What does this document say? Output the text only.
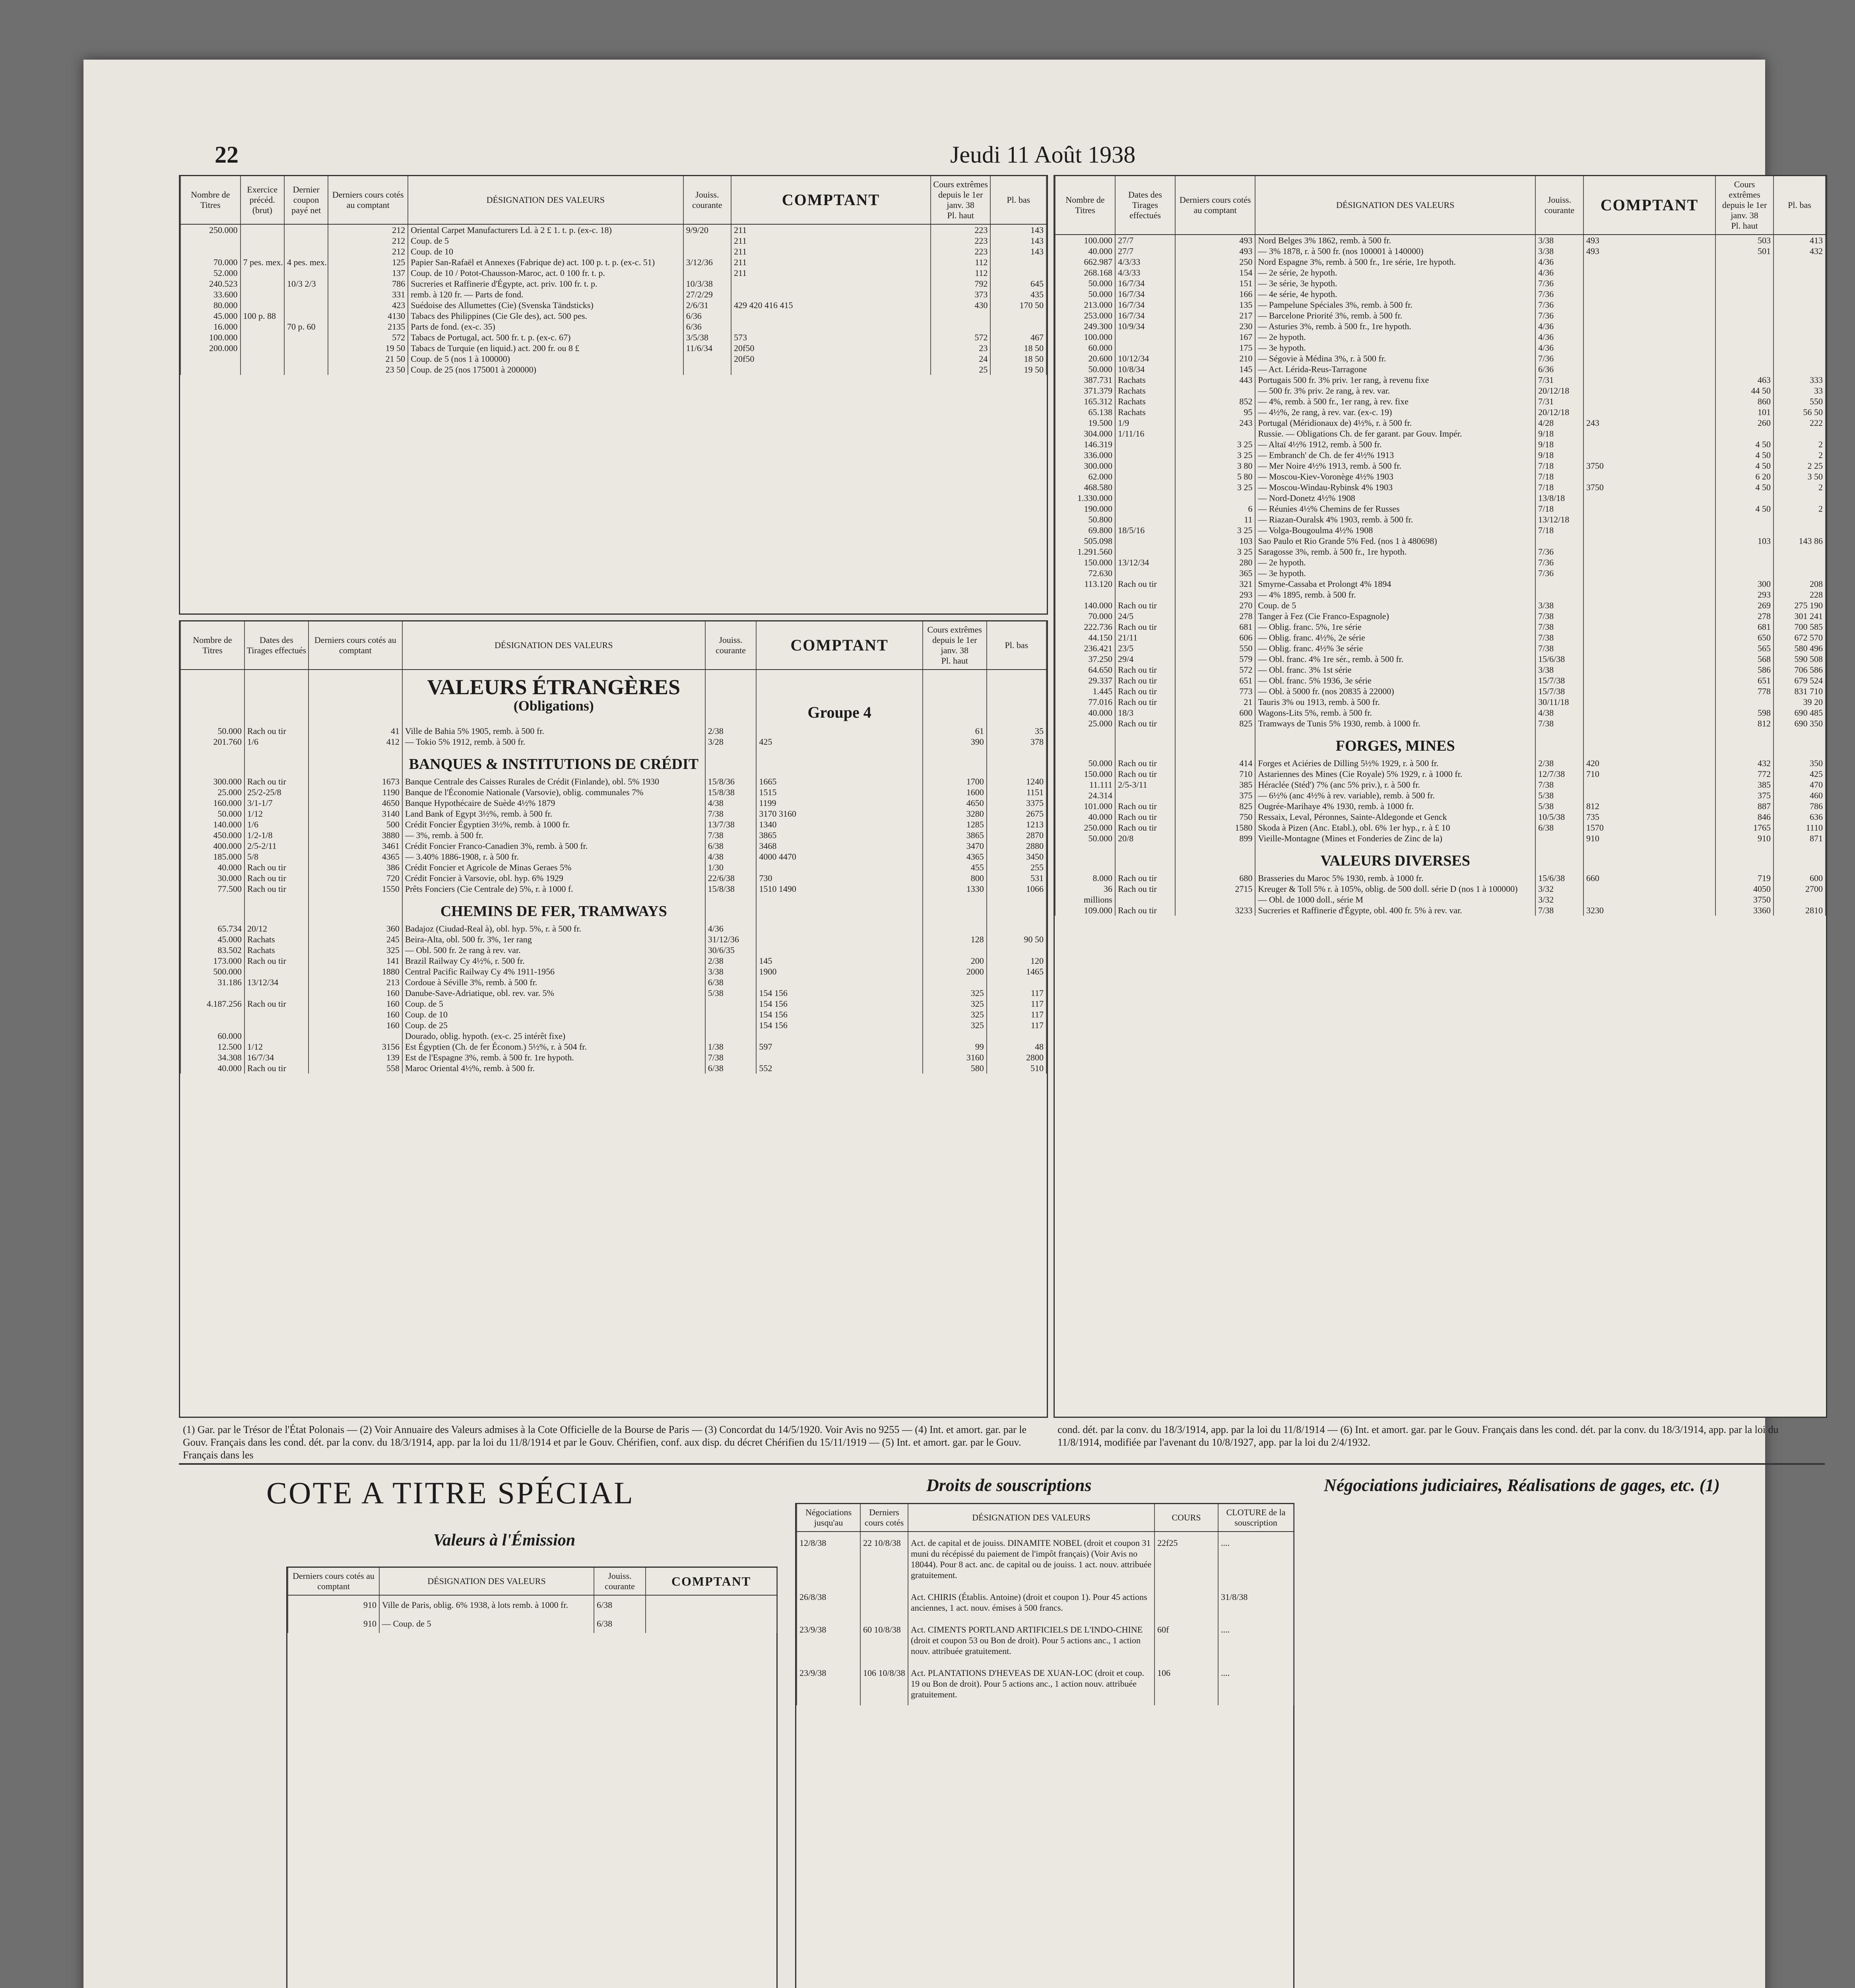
22	Jeudi 11 Août 1938
Nombre de Titres	Exercice précéd. (brut)	Dernier coupon payé net	Derniers cours cotés au comptant	DÉSIGNATION DES VALEURS	Jouiss. courante	COMPTANT	Cours extrêmes depuis le 1er janv. 38
Pl. haut	Pl. bas
250.000			212	Oriental Carpet Manufacturers Ld. à 2 £ 1. t. p. (ex-c. 18)	9/9/20	211	223	143
			212	Coup. de 5		211	223	143
			212	Coup. de 10		211	223	143
70.000	7 pes. mex.	4 pes. mex.	125	Papier San-Rafaël et Annexes (Fabrique de) act. 100 p. t. p. (ex-c. 51)	3/12/36	211	112	
52.000			137	Coup. de 10 / Potot-Chausson-Maroc, act. 0 100 fr. t. p.		211	112	
240.523		10/3 2/3	786	Sucreries et Raffinerie d'Égypte, act. priv. 100 fr. t. p.	10/3/38		792	645
33.600			331	remb. à 120 fr. — Parts de fond.	27/2/29		373	435
80.000			423	Suédoise des Allumettes (Cie) (Svenska Tändsticks)	2/6/31	429 420 416 415	430	170 50
45.000	100 p. 88		4130	Tabacs des Philippines (Cie Gle des), act. 500 pes.	6/36			
16.000		70 p. 60	2135	Parts de fond. (ex-c. 35)	6/36			
100.000			572	Tabacs de Portugal, act. 500 fr. t. p. (ex-c. 67)	3/5/38	573	572	467
200.000			19 50	Tabacs de Turquie (en liquid.) act. 200 fr. ou 8 £	11/6/34	20f50	23	18 50
			21 50	Coup. de 5 (nos 1 à 100000)		20f50	24	18 50
			23 50	Coup. de 25 (nos 175001 à 200000)			25	19 50
Nombre de Titres	Dates des Tirages effectués	Derniers cours cotés au comptant	DÉSIGNATION DES VALEURS	Jouiss. courante	COMPTANT	Cours extrêmes depuis le 1er janv. 38
Pl. haut	Pl. bas
			VALEURS ÉTRANGÈRES				
			(Obligations)		Groupe 4		
50.000	Rach ou tir	41	Ville de Bahia 5% 1905, remb. à 500 fr.	2/38		61	35
201.760	1/6	412	— Tokio 5% 1912, remb. à 500 fr.	3/28	425	390	378
			BANQUES & INSTITUTIONS DE CRÉDIT				
300.000	Rach ou tir	1673	Banque Centrale des Caisses Rurales de Crédit (Finlande), obl. 5% 1930	15/8/36	1665	1700	1240
25.000	25/2-25/8	1190	Banque de l'Économie Nationale (Varsovie), oblig. communales 7%	15/8/38	1515	1600	1151
160.000	3/1-1/7	4650	Banque Hypothécaire de Suède 4½% 1879	4/38	1199	4650	3375
50.000	1/12	3140	Land Bank of Egypt 3½%, remb. à 500 fr.	7/38	3170 3160	3280	2675
140.000	1/6	500	Crédit Foncier Égyptien 3½%, remb. à 1000 fr.	13/7/38	1340	1285	1213
450.000	1/2-1/8	3880	— 3%, remb. à 500 fr.	7/38	3865	3865	2870
400.000	2/5-2/11	3461	Crédit Foncier Franco-Canadien 3%, remb. à 500 fr.	6/38	3468	3470	2880
185.000	5/8	4365	— 3.40% 1886-1908, r. à 500 fr.	4/38	4000 4470	4365	3450
40.000	Rach ou tir	386	Crédit Foncier et Agricole de Minas Geraes 5%	1/30		455	255
30.000	Rach ou tir	720	Crédit Foncier à Varsovie, obl. hyp. 6% 1929	22/6/38	730	800	531
77.500	Rach ou tir	1550	Prêts Fonciers (Cie Centrale de) 5%, r. à 1000 f.	15/8/38	1510 1490	1330	1066
			CHEMINS DE FER, TRAMWAYS				
65.734	20/12	360	Badajoz (Ciudad-Real à), obl. hyp. 5%, r. à 500 fr.	4/36			
45.000	Rachats	245	Beira-Alta, obl. 500 fr. 3%, 1er rang	31/12/36		128	90 50
83.502	Rachats	325	— Obl. 500 fr. 2e rang à rev. var.	30/6/35			
173.000	Rach ou tir	141	Brazil Railway Cy 4½%, r. 500 fr.	2/38	145	200	120
500.000		1880	Central Pacific Railway Cy 4% 1911-1956	3/38	1900	2000	1465
31.186	13/12/34	213	Cordoue à Séville 3%, remb. à 500 fr.	6/38			
		160	Danube-Save-Adriatique, obl. rev. var. 5%	5/38	154 156	325	117
4.187.256	Rach ou tir	160	Coup. de 5		154 156	325	117
		160	Coup. de 10		154 156	325	117
		160	Coup. de 25		154 156	325	117
60.000			Dourado, oblig. hypoth. (ex-c. 25 intérêt fixe)				
12.500	1/12	3156	Est Égyptien (Ch. de fer Économ.) 5½%, r. à 504 fr.	1/38	597	99	48
34.308	16/7/34	139	Est de l'Espagne 3%, remb. à 500 fr. 1re hypoth.	7/38		3160	2800
40.000	Rach ou tir	558	Maroc Oriental 4½%, remb. à 500 fr.	6/38	552	580	510
Nombre de Titres	Dates des Tirages effectués	Derniers cours cotés au comptant	DÉSIGNATION DES VALEURS	Jouiss. courante	COMPTANT	Cours extrêmes depuis le 1er janv. 38
Pl. haut	Pl. bas
100.000	27/7	493	Nord Belges 3% 1862, remb. à 500 fr.	3/38	493	503	413
40.000	27/7	493	— 3% 1878, r. à 500 fr. (nos 100001 à 140000)	3/38	493	501	432
662.987	4/3/33	250	Nord Espagne 3%, remb. à 500 fr., 1re série, 1re hypoth.	4/36			
268.168	4/3/33	154	— 2e série, 2e hypoth.	4/36			
50.000	16/7/34	151	— 3e série, 3e hypoth.	7/36			
50.000	16/7/34	166	— 4e série, 4e hypoth.	7/36			
213.000	16/7/34	135	— Pampelune Spéciales 3%, remb. à 500 fr.	7/36			
253.000	16/7/34	217	— Barcelone Priorité 3%, remb. à 500 fr.	7/36			
249.300	10/9/34	230	— Asturies 3%, remb. à 500 fr., 1re hypoth.	4/36			
100.000		167	— 2e hypoth.	4/36			
60.000		175	— 3e hypoth.	4/36			
20.600	10/12/34	210	— Ségovie à Médina 3%, r. à 500 fr.	7/36			
50.000	10/8/34	145	— Act. Lérida-Reus-Tarragone	6/36			
387.731	Rachats	443	Portugais 500 fr. 3% priv. 1er rang, à revenu fixe	7/31		463	333
371.379	Rachats		— 500 fr. 3% priv. 2e rang, à rev. var.	20/12/18		44 50	33
165.312	Rachats	852	— 4%, remb. à 500 fr., 1er rang, à rev. fixe	7/31		860	550
65.138	Rachats	95	— 4½%, 2e rang, à rev. var. (ex-c. 19)	20/12/18		101	56 50
19.500	1/9	243	Portugal (Méridionaux de) 4½%, r. à 500 fr.	4/28	243	260	222
304.000	1/11/16		Russie. — Obligations Ch. de fer garant. par Gouv. Impér.	9/18			
146.319		3 25	— Altaï 4½% 1912, remb. à 500 fr.	9/18		4 50	2
336.000		3 25	— Embranch' de Ch. de fer 4½% 1913	9/18		4 50	2
300.000		3 80	— Mer Noire 4½% 1913, remb. à 500 fr.	7/18	3750	4 50	2 25
62.000		5 80	— Moscou-Kiev-Voronège 4½% 1903	7/18		6 20	3 50
468.580		3 25	— Moscou-Windau-Rybinsk 4% 1903	7/18	3750	4 50	2
1.330.000			— Nord-Donetz 4½% 1908	13/8/18			
190.000		6	— Réunies 4½% Chemins de fer Russes	7/18		4 50	2
50.800		11	— Riazan-Ouralsk 4% 1903, remb. à 500 fr.	13/12/18			
69.800	18/5/16	3 25	— Volga-Bougoulma 4½% 1908	7/18			
505.098		103	Sao Paulo et Rio Grande 5% Fed. (nos 1 à 480698)			103	143 86
1.291.560		3 25	Saragosse 3%, remb. à 500 fr., 1re hypoth.	7/36			
150.000	13/12/34	280	— 2e hypoth.	7/36			
72.630		365	— 3e hypoth.	7/36			
113.120	Rach ou tir	321	Smyrne-Cassaba et Prolongt 4% 1894			300	208
		293	— 4% 1895, remb. à 500 fr.			293	228
140.000	Rach ou tir	270	Coup. de 5	3/38		269	275 190
70.000	24/5	278	Tanger à Fez (Cie Franco-Espagnole)	7/38		278	301 241
222.736	Rach ou tir	681	— Oblig. franc. 5%, 1re série	7/38		681	700 585
44.150	21/11	606	— Oblig. franc. 4½%, 2e série	7/38		650	672 570
236.421	23/5	550	— Oblig. franc. 4½% 3e série	7/38		565	580 496
37.250	29/4	579	— Obl. franc. 4% 1re sér., remb. à 500 fr.	15/6/38		568	590 508
64.650	Rach ou tir	572	— Obl. franc. 3% 1st série	3/38		586	706 586
29.337	Rach ou tir	651	— Obl. franc. 5% 1936, 3e série	15/7/38		651	679 524
1.445	Rach ou tir	773	— Obl. à 5000 fr. (nos 20835 à 22000)	15/7/38		778	831 710
77.016	Rach ou tir	21	Tauris 3% ou 1913, remb. à 500 fr.	30/11/18			39 20
40.000	18/3	600	Wagons-Lits 5%, remb. à 500 fr.	4/38		598	690 485
25.000	Rach ou tir	825	Tramways de Tunis 5% 1930, remb. à 1000 fr.	7/38		812	690 350
			FORGES, MINES				
50.000	Rach ou tir	414	Forges et Aciéries de Dilling 5½% 1929, r. à 500 fr.	2/38	420	432	350
150.000	Rach ou tir	710	Astariennes des Mines (Cie Royale) 5% 1929, r. à 1000 fr.	12/7/38	710	772	425
11.111	2/5-3/11	385	Héraclée (Stéd') 7% (anc 5% priv.), r. à 500 fr.	7/38		385	470
24.314		375	— 6½% (anc 4½% à rev. variable), remb. à 500 fr.	5/38		375	460
101.000	Rach ou tir	825	Ougrée-Marihaye 4% 1930, remb. à 1000 fr.	5/38	812	887	786
40.000	Rach ou tir	750	Ressaix, Leval, Péronnes, Sainte-Aldegonde et Genck	10/5/38	735	846	636
250.000	Rach ou tir	1580	Skoda à Pizen (Anc. Etabl.), obl. 6% 1er hyp., r. à £ 10	6/38	1570	1765	1110
50.000	20/8	899	Vieille-Montagne (Mines et Fonderies de Zinc de la)		910	910	871
			VALEURS DIVERSES				
8.000	Rach ou tir	680	Brasseries du Maroc 5% 1930, remb. à 1000 fr.	15/6/38	660	719	600
36	Rach ou tir	2715	Kreuger & Toll 5% r. à 105%, oblig. de 500 doll. série D (nos 1 à 100000)	3/32		4050	2700
millions			— Obl. de 1000 doll., série M	3/32		3750	
109.000	Rach ou tir	3233	Sucreries et Raffinerie d'Égypte, obl. 400 fr. 5% à rev. var.	7/38	3230	3360	2810
(1) Gar. par le Trésor de l'État Polonais — (2) Voir Annuaire des Valeurs admises à la Cote Officielle de la Bourse de Paris — (3) Concordat du 14/5/1920. Voir Avis no 9255 — (4) Int. et amort. gar. par le Gouv. Français dans les cond. dét. par la conv. du 18/3/1914, app. par la loi du 11/8/1914 et par le Gouv. Chérifien, conf. aux disp. du décret Chérifien du 15/11/1919 — (5) Int. et amort. gar. par le Gouv. Français dans les
cond. dét. par la conv. du 18/3/1914, app. par la loi du 11/8/1914 — (6) Int. et amort. gar. par le Gouv. Français dans les cond. dét. par la conv. du 18/3/1914, app. par la loi du 11/8/1914, modifiée par l'avenant du 10/8/1927, app. par la loi du 2/4/1932.
COTE A TITRE SPÉCIAL
Valeurs à l'Émission
Derniers cours cotés au comptant	DÉSIGNATION DES VALEURS	Jouiss. courante	COMPTANT
910	Ville de Paris, oblig. 6% 1938, à lots remb. à 1000 fr.	6/38	
910	— Coup. de 5	6/38	
Droits de souscriptions
Négociations jusqu'au	Derniers cours cotés	DÉSIGNATION DES VALEURS	COURS	CLOTURE de la souscription
12/8/38	22 10/8/38	Act. de capital et de jouiss. DINAMITE NOBEL (droit et coupon 31 muni du récépissé du paiement de l'impôt français) (Voir Avis no 18044). Pour 8 act. anc. de capital ou de jouiss. 1 act. nouv. attribuée gratuitement.	22f25	....
26/8/38		Act. CHIRIS (Établis. Antoine) (droit et coupon 1). Pour 45 actions anciennes, 1 act. nouv. émises à 500 francs.		31/8/38
23/9/38	60 10/8/38	Act. CIMENTS PORTLAND ARTIFICIELS DE L'INDO-CHINE (droit et coupon 53 ou Bon de droit). Pour 5 actions anc., 1 action nouv. attribuée gratuitement.	60f	....
23/9/38	106 10/8/38	Act. PLANTATIONS D'HEVEAS DE XUAN-LOC (droit et coup. 19 ou Bon de droit). Pour 5 actions anc., 1 action nouv. attribuée gratuitement.	106	....
Négociations judiciaires, Réalisations de gages, etc. (1)
